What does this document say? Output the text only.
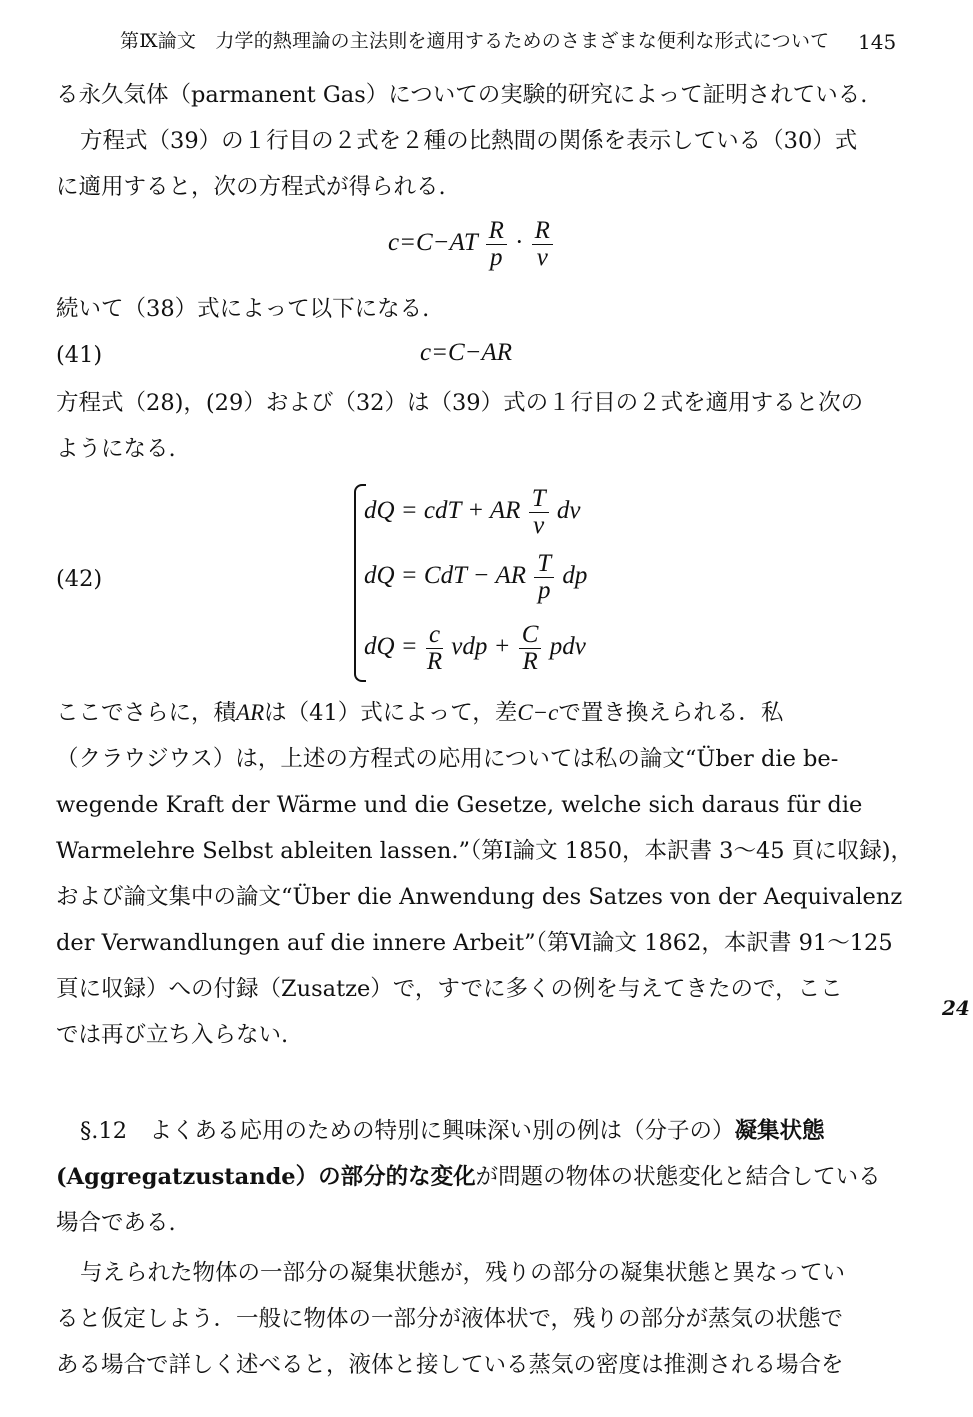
第Ⅸ論文　力学的熱理論の主法則を適用するためのさまざまな便利な形式について 145
る永久気体（parmanent Gas）についての実験的研究によって証明されている.
方程式（39）の１行目の２式を２種の比熱間の関係を表示している（30）式
に適用すると，次の方程式が得られる.
$c=C-AT \frac{R}{p} \cdot \frac{R}{v}$
続いて（38）式によって以下になる.
(41)	c=C−AR
方程式（28)，(29）および（32）は（39）式の１行目の２式を適用すると次の
ようになる.
(42)
dQ = cdT + AR $\frac{T}{v}$ dv
dQ = CdT − AR $\frac{T}{p}$ dp
dQ = $\frac{c}{R}$ vdp + $\frac{C}{R}$ pdv
ここでさらに，積ARは（41）式によって，差C−cで置き換えられる．私
（クラウジウス）は，上述の方程式の応用については私の論文“Über die be-
wegende Kraft der Wärme und die Gesetze, welche sich daraus für die
Warmelehre Selbst ableiten lassen.”（第Ⅰ論文 1850，本訳書 3～45 頁に収録)，
および論文集中の論文“Über die Anwendung des Satzes von der Aequivalenz
der Verwandlungen auf die innere Arbeit”（第Ⅵ論文 1862，本訳書 91～125
頁に収録）への付録（Zusatze）で，すでに多くの例を与えてきたので，ここ
では再び立ち入らない.
§.12　よくある応用のための特別に興味深い別の例は（分子の）凝集状態
(Aggregatzustande）の部分的な変化が問題の物体の状態変化と結合している
場合である.
与えられた物体の一部分の凝集状態が，残りの部分の凝集状態と異なってい
ると仮定しよう．一般に物体の一部分が液体状で，残りの部分が蒸気の状態で
ある場合で詳しく述べると，液体と接している蒸気の密度は推測される場合を
24
